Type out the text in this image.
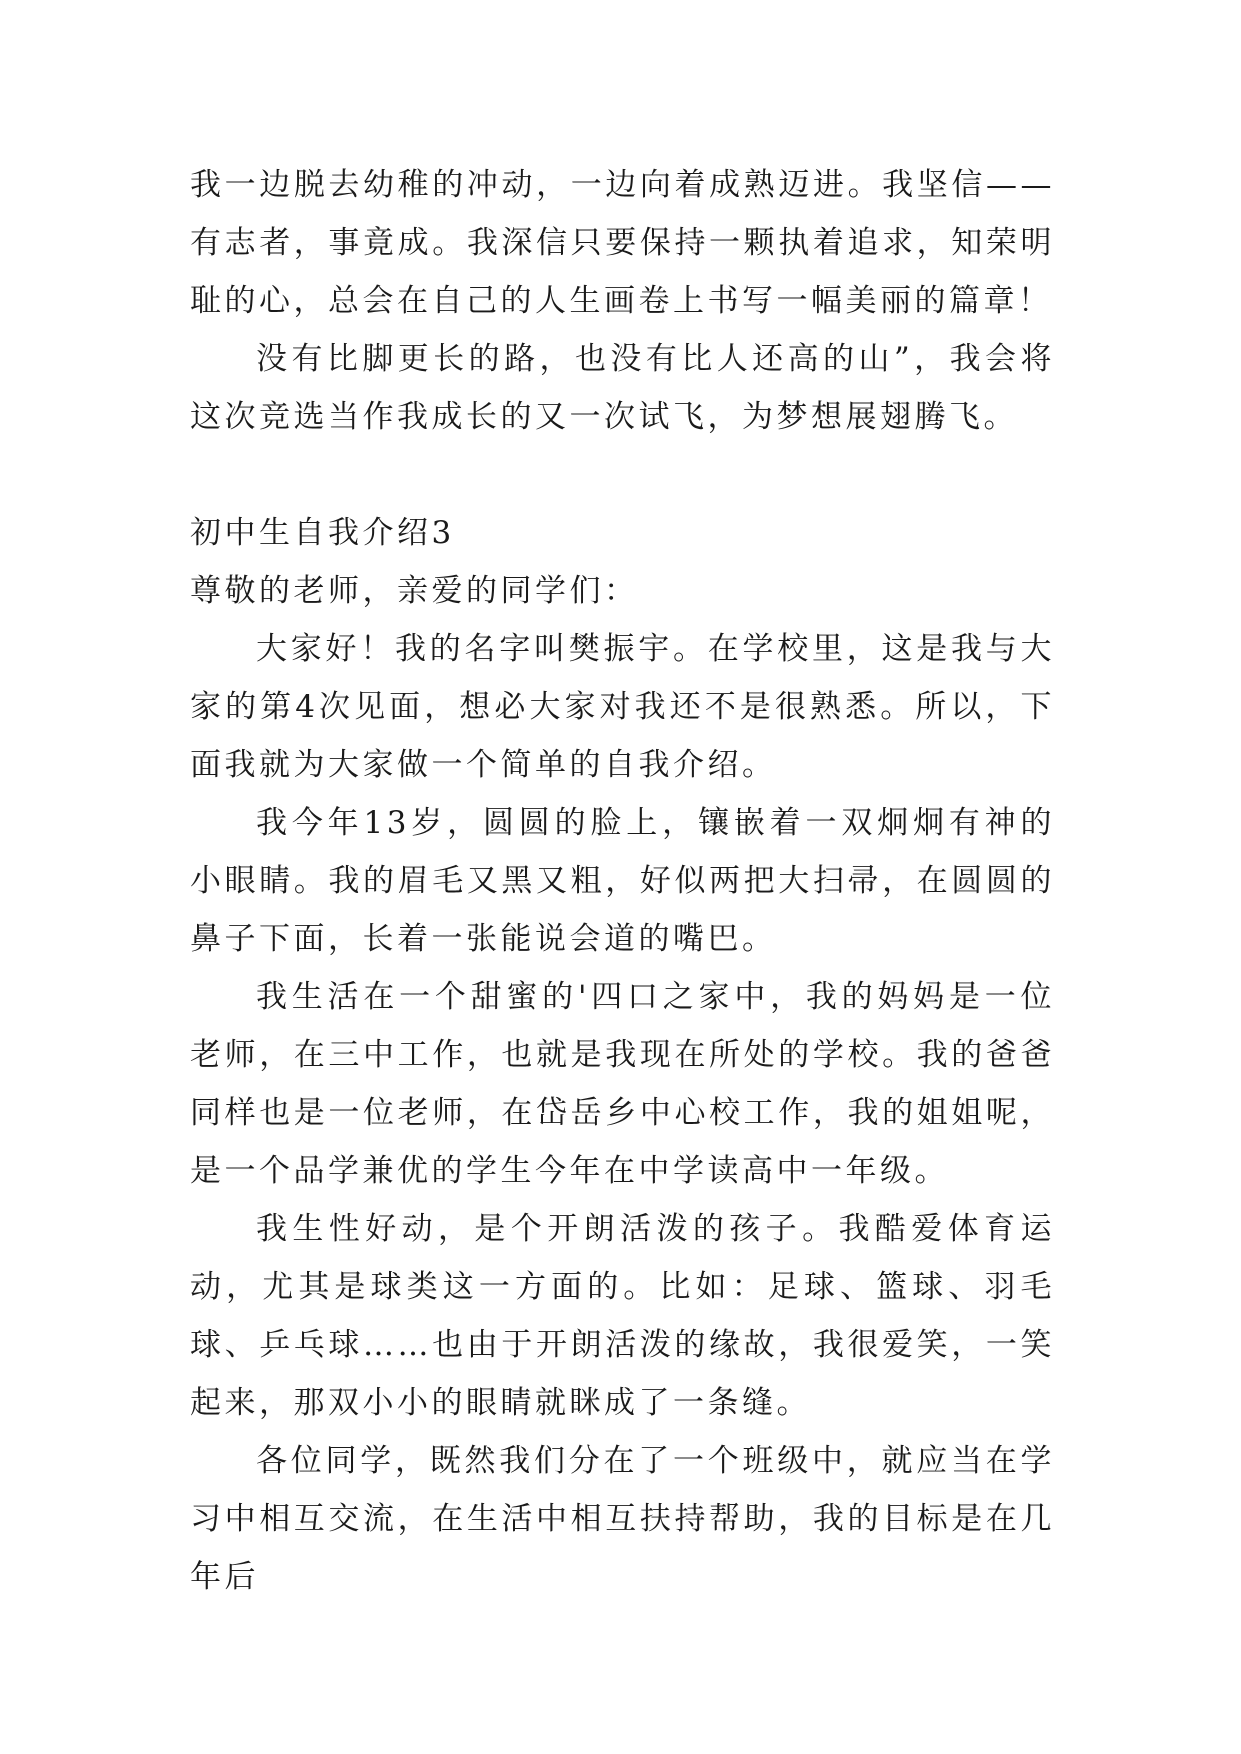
我一边脱去幼稚的冲动，一边向着成熟迈进。我坚信——有志者，事竟成。我深信只要保持一颗执着追求，知荣明耻的心，总会在自己的人生画卷上书写一幅美丽的篇章！

没有比脚更长的路，也没有比人还高的山”，我会将这次竞选当作我成长的又一次试飞，为梦想展翅腾飞。

初中生自我介绍3

尊敬的老师，亲爱的同学们：

大家好！我的名字叫樊振宇。在学校里，这是我与大家的第4次见面，想必大家对我还不是很熟悉。所以，下面我就为大家做一个简单的自我介绍。

我今年13岁，圆圆的脸上，镶嵌着一双炯炯有神的小眼睛。我的眉毛又黑又粗，好似两把大扫帚，在圆圆的鼻子下面，长着一张能说会道的嘴巴。

我生活在一个甜蜜的'四口之家中，我的妈妈是一位老师，在三中工作，也就是我现在所处的学校。我的爸爸同样也是一位老师，在岱岳乡中心校工作，我的姐姐呢，是一个品学兼优的学生今年在中学读高中一年级。

我生性好动，是个开朗活泼的孩子。我酷爱体育运动，尤其是球类这一方面的。比如：足球、篮球、羽毛球、乒乓球……也由于开朗活泼的缘故，我很爱笑，一笑起来，那双小小的眼睛就眯成了一条缝。

各位同学，既然我们分在了一个班级中，就应当在学习中相互交流，在生活中相互扶持帮助，我的目标是在几年后
